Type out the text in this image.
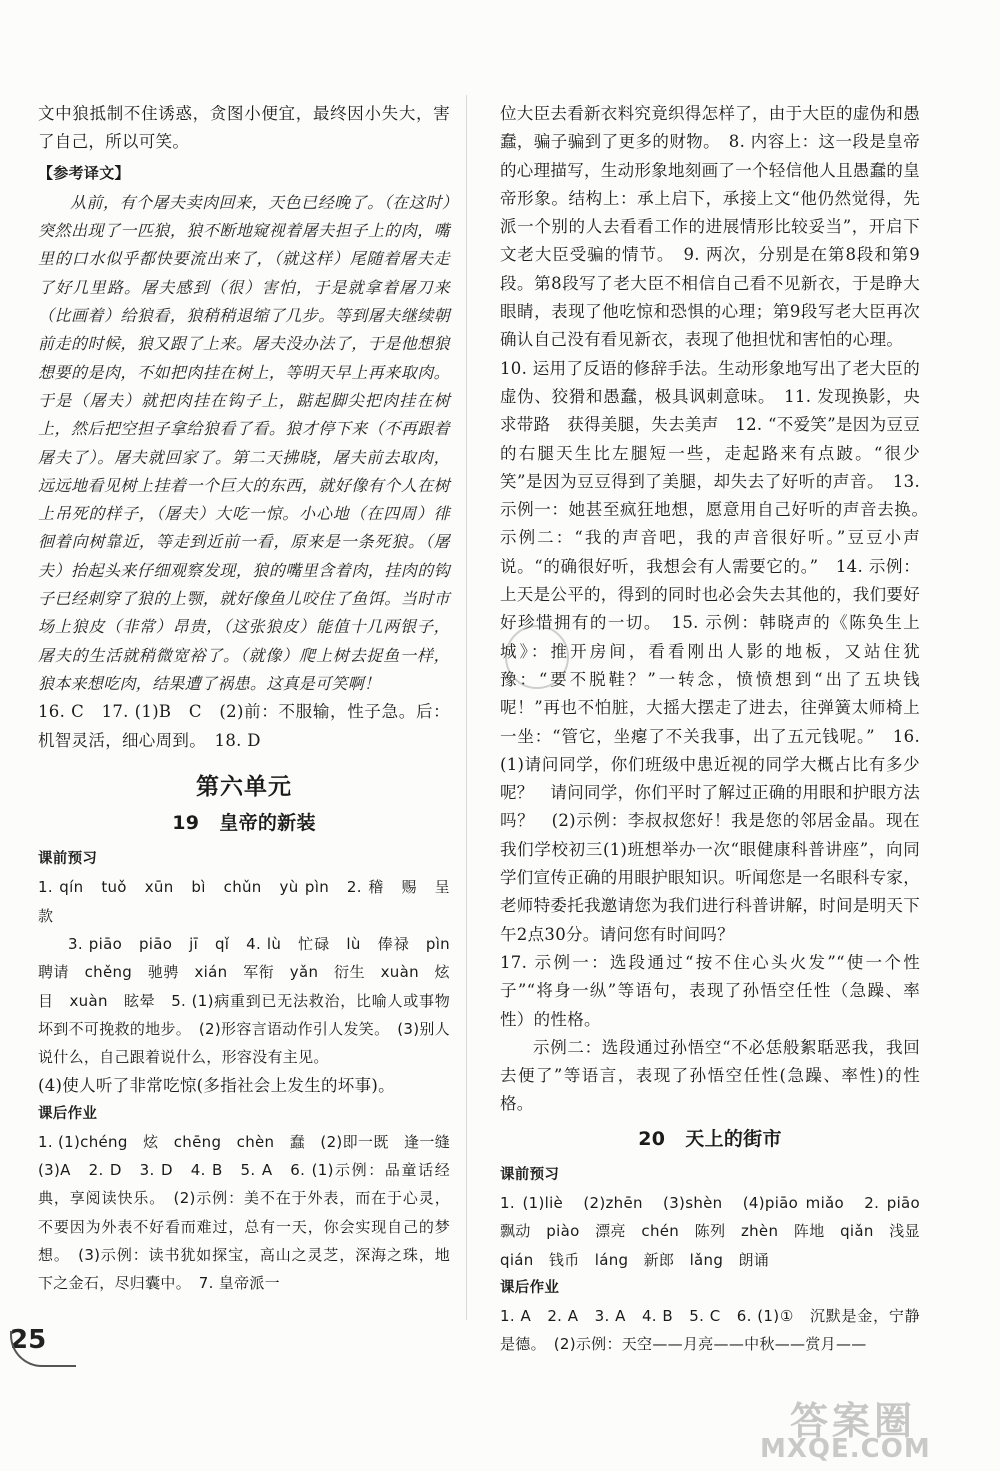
文中狼抵制不住诱惑，贪图小便宜，最终因小失大，害了自己，所以可笑。

【参考译文】

从前，有个屠夫卖肉回来，天色已经晚了。（在这时）突然出现了一匹狼，狼不断地窥视着屠夫担子上的肉，嘴里的口水似乎都快要流出来了，（就这样）尾随着屠夫走了好几里路。屠夫感到（很）害怕，于是就拿着屠刀来（比画着）给狼看，狼稍稍退缩了几步。等到屠夫继续朝前走的时候，狼又跟了上来。屠夫没办法了，于是他想狼想要的是肉，不如把肉挂在树上，等明天早上再来取肉。于是（屠夫）就把肉挂在钩子上，踮起脚尖把肉挂在树上，然后把空担子拿给狼看了看。狼才停下来（不再跟着屠夫了）。屠夫就回家了。第二天拂晓，屠夫前去取肉，远远地看见树上挂着一个巨大的东西，就好像有个人在树上吊死的样子，（屠夫）大吃一惊。小心地（在四周）徘徊着向树靠近，等走到近前一看，原来是一条死狼。（屠夫）抬起头来仔细观察发现，狼的嘴里含着肉，挂肉的钩子已经刺穿了狼的上颚，就好像鱼儿咬住了鱼饵。当时市场上狼皮（非常）昂贵，（这张狼皮）能值十几两银子，屠夫的生活就稍微宽裕了。（就像）爬上树去捉鱼一样，狼本来想吃肉，结果遭了祸患。这真是可笑啊！

16. C　17. (1)B　C　(2)前：不服输，性子急。后：机智灵活，细心周到。　18. D

第六单元
19 皇帝的新装

课前预习

1. qín　tuǒ　xūn　bì　chǔn　yù pìn　2. 稽　赐　呈　款

3. piāo　piāo　jī　qǐ　4. lù　忙碌　lù　俸禄　pìn　聘请　chěng　驰骋　xián　军衔　yǎn　衍生　xuàn　炫目　xuàn　眩晕　5. (1)病重到已无法救治，比喻人或事物坏到不可挽救的地步。　(2)形容言语动作引人发笑。　(3)别人说什么，自己跟着说什么，形容没有主见。

(4)使人听了非常吃惊(多指社会上发生的坏事)。

课后作业

1. (1)chéng　炫　chēng　chèn　蠢　(2)即一既　逢一缝　(3)A　2. D　3. D　4. B　5. A　6. (1)示例：品童话经典，享阅读快乐。　(2)示例：美不在于外表，而在于心灵，不要因为外表不好看而难过，总有一天，你会实现自己的梦想。　(3)示例：读书犹如探宝，高山之灵芝，深海之珠，地下之金石，尽归囊中。　7. 皇帝派一

位大臣去看新衣料究竟织得怎样了，由于大臣的虚伪和愚蠢，骗子骗到了更多的财物。　8. 内容上：这一段是皇帝的心理描写，生动形象地刻画了一个轻信他人且愚蠢的皇帝形象。结构上：承上启下，承接上文“他仍然觉得，先派一个别的人去看看工作的进展情形比较妥当”，开启下文老大臣受骗的情节。　9. 两次，分别是在第8段和第9段。第8段写了老大臣不相信自己看不见新衣，于是睁大眼睛，表现了他吃惊和恐惧的心理；第9段写老大臣再次确认自己没有看见新衣，表现了他担忧和害怕的心理。

10. 运用了反语的修辞手法。生动形象地写出了老大臣的虚伪、狡猾和愚蠢，极具讽刺意味。　11. 发现换影，央求带路　获得美腿，失去美声　12. “不爱笑”是因为豆豆的右腿天生比左腿短一些，走起路来有点跛。“很少笑”是因为豆豆得到了美腿，却失去了好听的声音。　13. 示例一：她甚至疯狂地想，愿意用自己好听的声音去换。　示例二：“我的声音吧，我的声音很好听。”豆豆小声说。“的确很好听，我想会有人需要它的。”　14. 示例：上天是公平的，得到的同时也必会失去其他的，我们要好好珍惜拥有的一切。　15. 示例：韩晓声的《陈奂生上城》：推开房间，看看刚出人影的地板，又站住犹豫：“要不脱鞋？”一转念，愤愤想到“出了五块钱呢！”再也不怕脏，大摇大摆走了进去，往弹簧太师椅上一坐：“管它，坐瘪了不关我事，出了五元钱呢。”　16. (1)请问同学，你们班级中患近视的同学大概占比有多少呢？　请问同学，你们平时了解过正确的用眼和护眼方法吗？　(2)示例：李叔叔您好！我是您的邻居金晶。现在我们学校初三(1)班想举办一次“眼健康科普讲座”，向同学们宣传正确的用眼护眼知识。听闻您是一名眼科专家，老师特委托我邀请您为我们进行科普讲解，时间是明天下午2点30分。请问您有时间吗？

17. 示例一：选段通过“按不住心头火发”“使一个性子”“将身一纵”等语句，表现了孙悟空任性（急躁、率性）的性格。

示例二：选段通过孙悟空“不必恁般絮聒恶我，我回去便了”等语言，表现了孙悟空任性(急躁、率性)的性格。

20 天上的街市

课前预习

1. (1)liè　(2)zhēn　(3)shèn　(4)piāo miǎo　2. piāo　飘动　piào　漂亮　chén　陈列　zhèn　阵地　qiǎn　浅显　qián　钱币　láng　新郎　lǎng　朗诵

课后作业

1. A　2. A　3. A　4. B　5. C　6. (1)①　沉默是金，宁静是德。　(2)示例：天空——月亮——中秋——赏月——

25
答案圈
MXQE.COM
